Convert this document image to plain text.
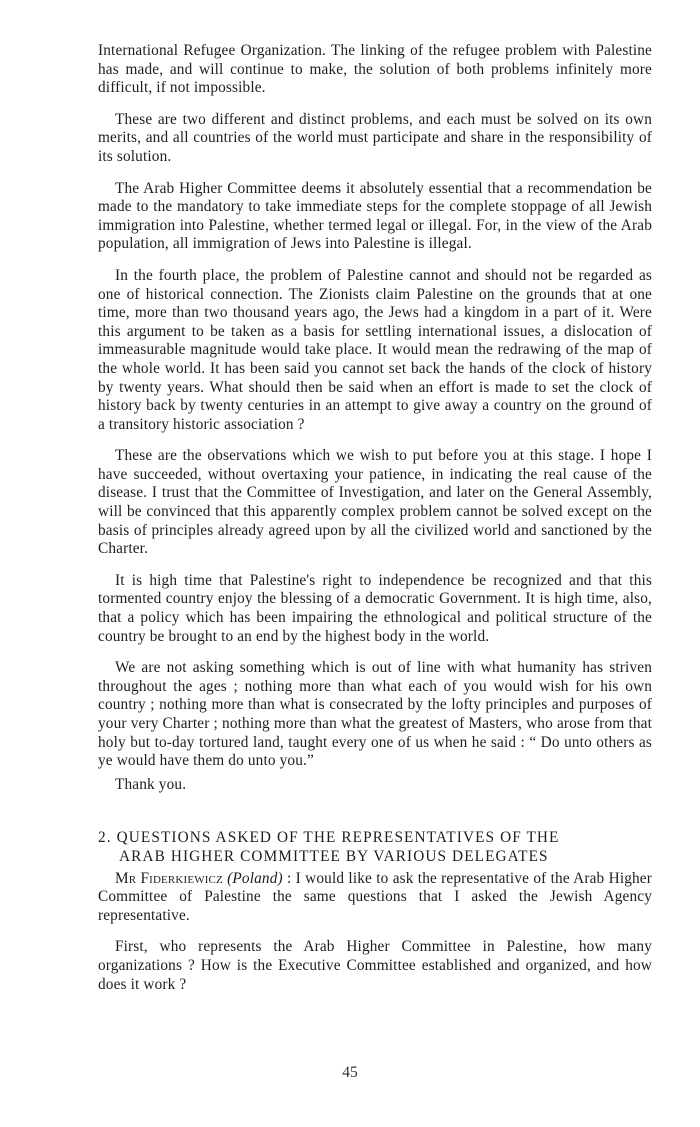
International Refugee Organization. The linking of the refugee problem with Palestine has made, and will continue to make, the solution of both problems infinitely more difficult, if not impossible.

These are two different and distinct problems, and each must be solved on its own merits, and all countries of the world must participate and share in the responsibility of its solution.

The Arab Higher Committee deems it absolutely essential that a recommendation be made to the mandatory to take immediate steps for the complete stoppage of all Jewish immigration into Palestine, whether termed legal or illegal. For, in the view of the Arab population, all immigration of Jews into Palestine is illegal.

In the fourth place, the problem of Palestine cannot and should not be regarded as one of historical connection. The Zionists claim Palestine on the grounds that at one time, more than two thousand years ago, the Jews had a kingdom in a part of it. Were this argument to be taken as a basis for settling international issues, a dislocation of immeasurable magnitude would take place. It would mean the redrawing of the map of the whole world. It has been said you cannot set back the hands of the clock of history by twenty years. What should then be said when an effort is made to set the clock of history back by twenty centuries in an attempt to give away a country on the ground of a transitory historic association ?

These are the observations which we wish to put before you at this stage. I hope I have succeeded, without overtaxing your patience, in indicating the real cause of the disease. I trust that the Committee of Investigation, and later on the General Assembly, will be convinced that this apparently complex problem cannot be solved except on the basis of principles already agreed upon by all the civilized world and sanctioned by the Charter.

It is high time that Palestine's right to independence be recognized and that this tormented country enjoy the blessing of a democratic Government. It is high time, also, that a policy which has been impairing the ethnological and political structure of the country be brought to an end by the highest body in the world.

We are not asking something which is out of line with what humanity has striven throughout the ages ; nothing more than what each of you would wish for his own country ; nothing more than what is consecrated by the lofty principles and purposes of your very Charter ; nothing more than what the greatest of Masters, who arose from that holy but to-day tortured land, taught every one of us when he said : “ Do unto others as ye would have them do unto you.”

Thank you.

2. QUESTIONS ASKED OF THE REPRESENTATIVES OF THE
ARAB HIGHER COMMITTEE BY VARIOUS DELEGATES

Mr Fiderkiewicz (Poland) : I would like to ask the representative of the Arab Higher Committee of Palestine the same questions that I asked the Jewish Agency representative.

First, who represents the Arab Higher Committee in Palestine, how many organizations ? How is the Executive Committee established and organized, and how does it work ?

45
